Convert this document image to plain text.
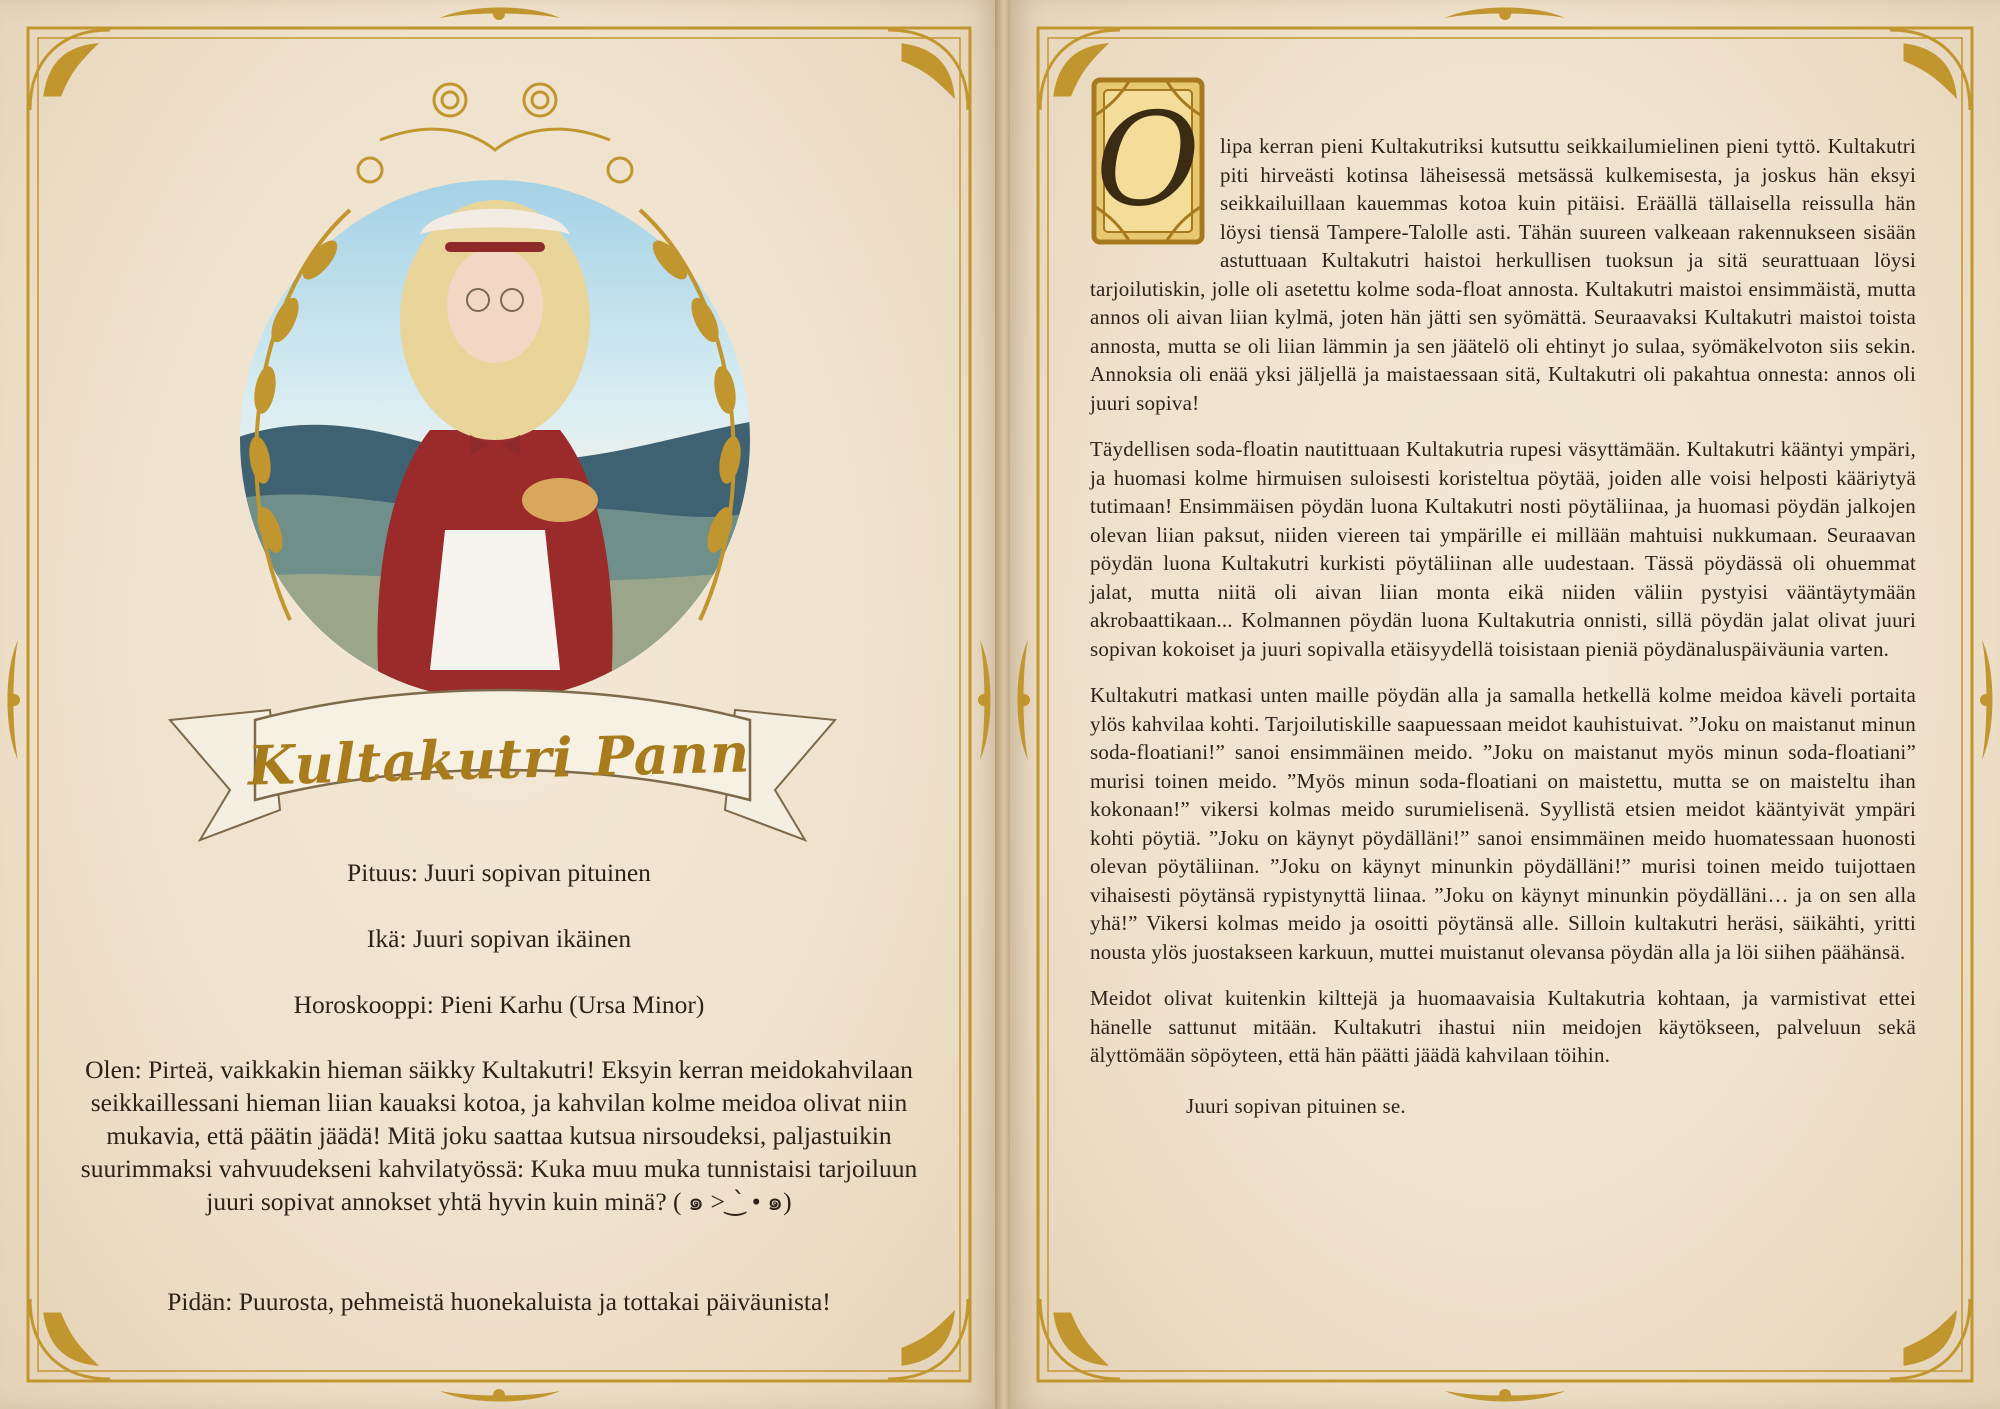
Kultakutri Pann
Pituus: Juuri sopivan pituinen
Ikä: Juuri sopivan ikäinen
Horoskooppi: Pieni Karhu (Ursa Minor)
Olen: Pirteä, vaikkakin hieman säikky Kultakutri! Eksyin kerran meidokahvilaan seikkaillessani hieman liian kauaksi kotoa, ja kahvilan kolme meidoa olivat niin mukavia, että päätin jäädä! Mitä joku saattaa kutsua nirsoudeksi, paljastuikin suurimmaksi vahvuudekseni kahvilatyössä: Kuka muu muka tunnistaisi tarjoiluun juuri sopivat annokset yhtä hyvin kuin minä? ( ๑ >‿̀ • ๑)
Pidän: Puurosta, pehmeistä huonekaluista ja tottakai päiväunista!

O lipa kerran pieni Kultakutriksi kutsuttu seikkailumielinen pieni tyttö. Kultakutri piti hirveästi kotinsa läheisessä metsässä kulkemisesta, ja joskus hän eksyi seikkailuillaan kauemmas kotoa kuin pitäisi. Eräällä tällaisella reissulla hän löysi tiensä Tampere-Talolle asti. Tähän suureen valkeaan rakennukseen sisään astuttuaan Kultakutri haistoi herkullisen tuoksun ja sitä seurattuaan löysi tarjoilutiskin, jolle oli asetettu kolme soda-float annosta. Kultakutri maistoi ensimmäistä, mutta annos oli aivan liian kylmä, joten hän jätti sen syömättä. Seuraavaksi Kultakutri maistoi toista annosta, mutta se oli liian lämmin ja sen jäätelö oli ehtinyt jo sulaa, syömäkelvoton siis sekin. Annoksia oli enää yksi jäljellä ja maistaessaan sitä, Kultakutri oli pakahtua onnesta: annos oli juuri sopiva!

Täydellisen soda-floatin nautittuaan Kultakutria rupesi väsyttämään. Kultakutri kääntyi ympäri, ja huomasi kolme hirmuisen suloisesti koristeltua pöytää, joiden alle voisi helposti kääriytyä tutimaan! Ensimmäisen pöydän luona Kultakutri nosti pöytäliinaa, ja huomasi pöydän jalkojen olevan liian paksut, niiden viereen tai ympärille ei millään mahtuisi nukkumaan. Seuraavan pöydän luona Kultakutri kurkisti pöytäliinan alle uudestaan. Tässä pöydässä oli ohuemmat jalat, mutta niitä oli aivan liian monta eikä niiden väliin pystyisi vääntäytymään akrobaattikaan... Kolmannen pöydän luona Kultakutria onnisti, sillä pöydän jalat olivat juuri sopivan kokoiset ja juuri sopivalla etäisyydellä toisistaan pieniä pöydänaluspäiväunia varten.

Kultakutri matkasi unten maille pöydän alla ja samalla hetkellä kolme meidoa käveli portaita ylös kahvilaa kohti. Tarjoilutiskille saapuessaan meidot kauhistuivat. ”Joku on maistanut minun soda-floatiani!” sanoi ensimmäinen meido. ”Joku on maistanut myös minun soda-floatiani” murisi toinen meido. ”Myös minun soda-floatiani on maistettu, mutta se on maisteltu ihan kokonaan!” vikersi kolmas meido surumielisenä. Syyllistä etsien meidot kääntyivät ympäri kohti pöytiä. ”Joku on käynyt pöydälläni!” sanoi ensimmäinen meido huomatessaan huonosti olevan pöytäliinan. ”Joku on käynyt minunkin pöydälläni!” murisi toinen meido tuijottaen vihaisesti pöytänsä rypistynyttä liinaa. ”Joku on käynyt minunkin pöydälläni… ja on sen alla yhä!” Vikersi kolmas meido ja osoitti pöytänsä alle. Silloin kultakutri heräsi, säikähti, yritti nousta ylös juostakseen karkuun, muttei muistanut olevansa pöydän alla ja löi siihen päähänsä.

Meidot olivat kuitenkin kilttejä ja huomaavaisia Kultakutria kohtaan, ja varmistivat ettei hänelle sattunut mitään. Kultakutri ihastui niin meidojen käytökseen, palveluun sekä älyttömään söpöyteen, että hän päätti jäädä kahvilaan töihin.

Juuri sopivan pituinen se.
